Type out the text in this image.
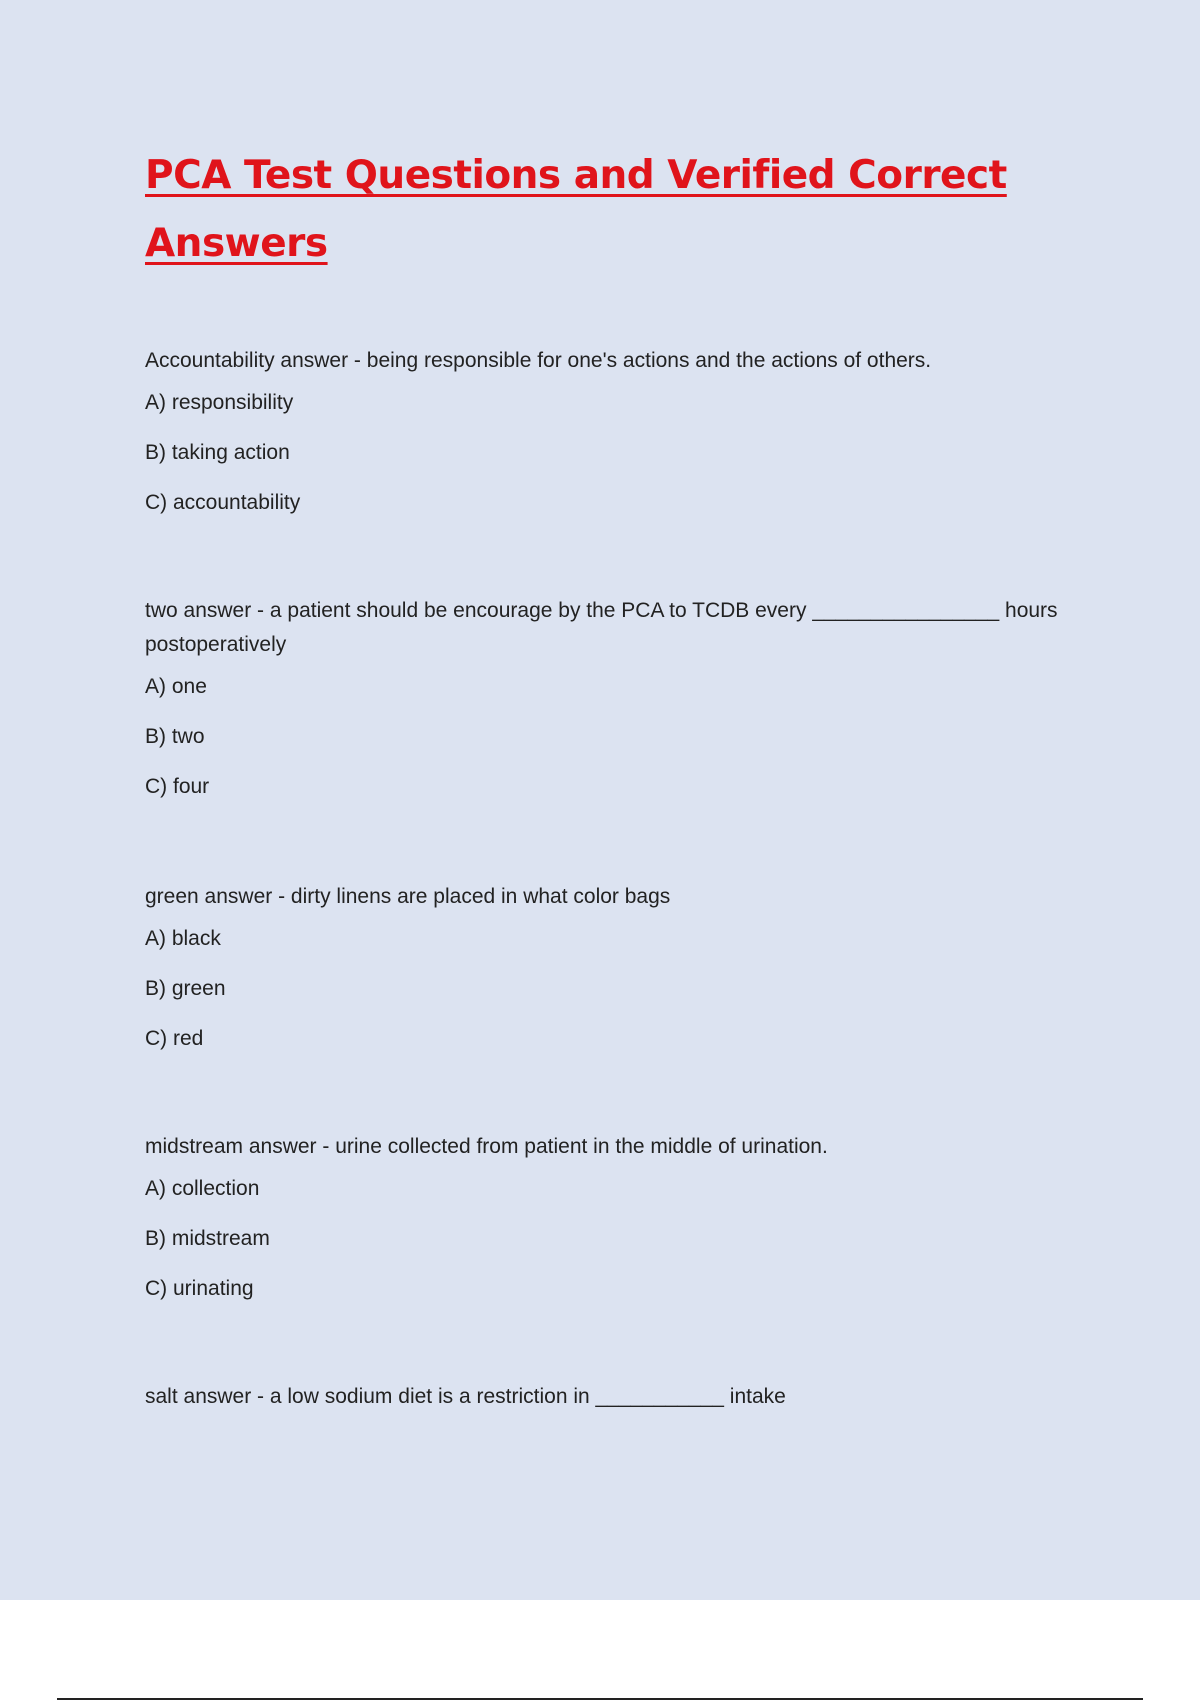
PCA Test Questions and Verified Correct Answers

Accountability answer - being responsible for one's actions and the actions of others.

A) responsibility

B) taking action

C) accountability

two answer - a patient should be encourage by the PCA to TCDB every ________________ hours postoperatively

A) one

B) two

C) four

green answer - dirty linens are placed in what color bags

A) black

B) green

C) red

midstream answer - urine collected from patient in the middle of urination.

A) collection

B) midstream

C) urinating

salt answer - a low sodium diet is a restriction in ___________ intake
